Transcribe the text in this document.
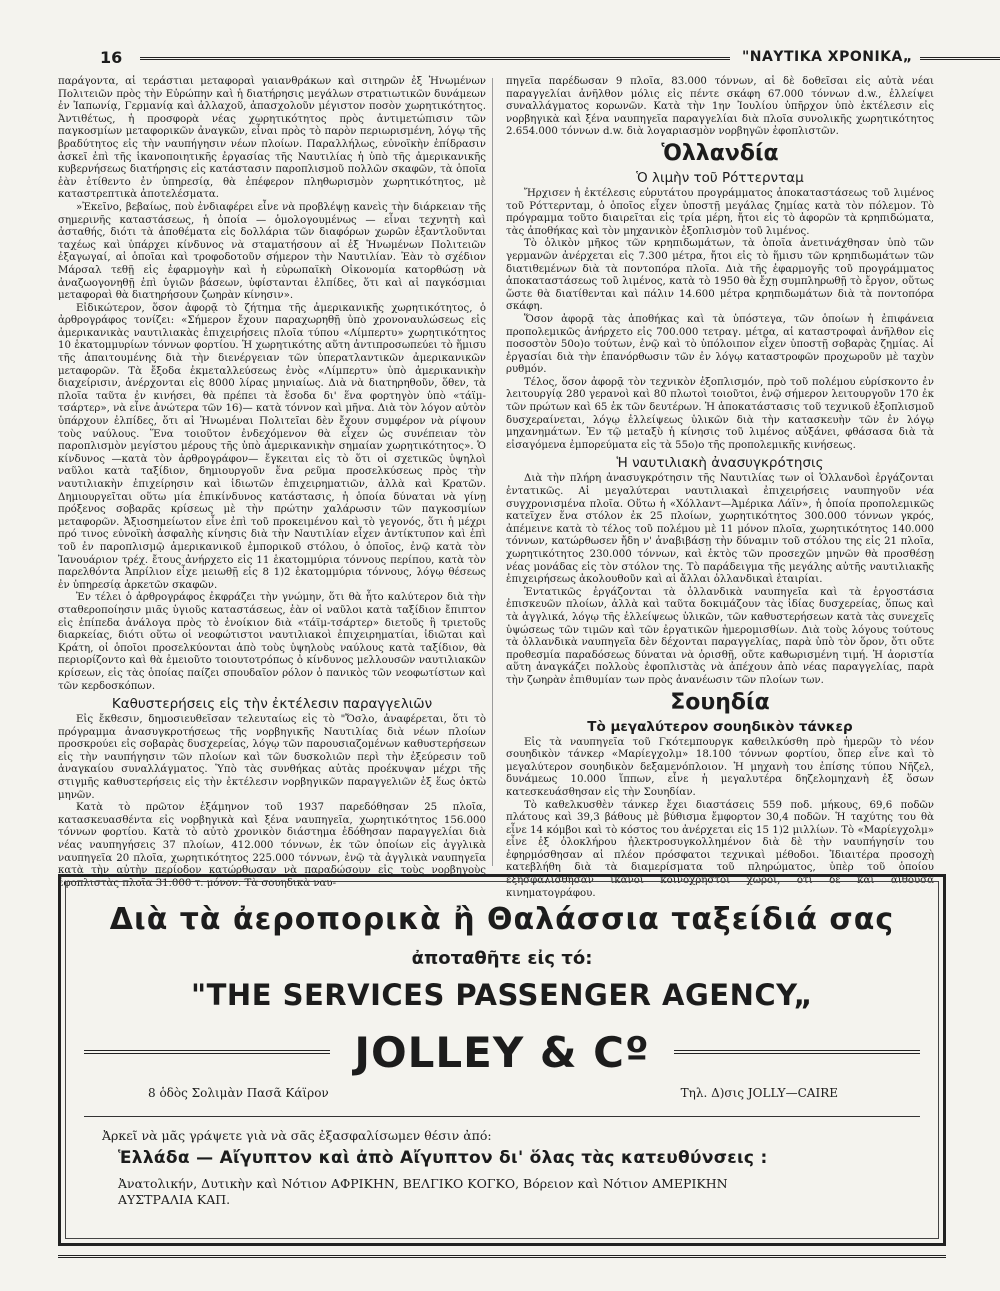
16	"ΝΑΥΤΙΚΑ ΧΡΟΝΙΚΑ„

παράγοντα, αἱ τεράστιαι μεταφοραὶ γαιανθράκων καὶ σιτηρῶν ἐξ Ἡνωμένων Πολιτειῶν πρὸς τὴν Εὐρώπην καὶ ἡ διατήρησις μεγάλων στρατιωτικῶν δυνάμεων ἐν Ἰαπωνίᾳ, Γερμανίᾳ καὶ ἀλλαχοῦ, ἀπασχολοῦν μέγιστον ποσὸν χωρητικότητος. Ἀντιθέτως, ἡ προσφορὰ νέας χωρητικότητος πρὸς ἀντιμετώπισιν τῶν παγκοσμίων μεταφορικῶν ἀναγκῶν, εἶναι πρὸς τὸ παρὸν περιωρισμένη, λόγῳ τῆς βραδύτητος εἰς τὴν ναυπήγησιν νέων πλοίων. Παραλλήλως, εὐνοϊκὴν ἐπίδρασιν ἀσκεῖ ἐπὶ τῆς ἱκανοποιητικῆς ἐργασίας τῆς Ναυτιλίας ἡ ὑπὸ τῆς ἀμερικανικῆς κυβερνήσεως διατήρησις εἰς κατάστασιν παροπλισμοῦ πολλῶν σκαφῶν, τὰ ὁποῖα ἐὰν ἐτίθεντο ἐν ὑπηρεσίᾳ, θὰ ἐπέφερον πληθωρισμὸν χωρητικότητος, μὲ καταστρεπτικὰ ἀποτελέσματα.

»Ἐκεῖνο, βεβαίως, ποὺ ἐνδιαφέρει εἶνε νὰ προβλέψῃ κανεὶς τὴν διάρκειαν τῆς σημερινῆς καταστάσεως, ἡ ὁποία — ὁμολογουμένως — εἶναι τεχνητὴ καὶ ἀσταθής, διότι τὰ ἀποθέματα εἰς δολλάρια τῶν διαφόρων χωρῶν ἐξαντλοῦνται ταχέως καὶ ὑπάρχει κίνδυνος νὰ σταματήσουν αἱ ἐξ Ἡνωμένων Πολιτειῶν ἐξαγωγαί, αἱ ὁποῖαι καὶ τροφοδοτοῦν σήμερον τὴν Ναυτιλίαν. Ἐὰν τὸ σχέδιον Μάρσαλ τεθῇ εἰς ἐφαρμογὴν καὶ ἡ εὐρωπαϊκὴ Οἰκονομία κατορθώσῃ νὰ ἀναζωογονηθῇ ἐπὶ ὑγιῶν βάσεων, ὑφίστανται ἐλπίδες, ὅτι καὶ αἱ παγκόσμιαι μεταφοραὶ θὰ διατηρήσουν ζωηρὰν κίνησιν».

Εἰδικώτερον, ὅσον ἀφορᾷ τὸ ζήτημα τῆς ἀμερικανικῆς χωρητικότητος, ὁ ἀρθρογράφος τονίζει: «Σήμερον ἔχουν παραχωρηθῇ ὑπὸ χρονοναυλώσεως εἰς ἀμερικανικὰς ναυτιλιακὰς ἐπιχειρήσεις πλοῖα τύπου «Λίμπερτυ» χωρητικότητος 10 ἑκατομμυρίων τόννων φορτίου. Ἡ χωρητικότης αὕτη ἀντιπροσωπεύει τὸ ἥμισυ τῆς ἀπαιτουμένης διὰ τὴν διενέργειαν τῶν ὑπερατλαντικῶν ἀμερικανικῶν μεταφορῶν. Τὰ ἔξοδα ἐκμεταλλεύσεως ἑνὸς «Λίμπερτυ» ὑπὸ ἀμερικανικὴν διαχείρισιν, ἀνέρχονται εἰς 8000 λίρας μηνιαίως. Διὰ νὰ διατηρηθοῦν, ὅθεν, τὰ πλοῖα ταῦτα ἐν κινήσει, θὰ πρέπει τὰ ἔσοδα δι' ἕνα φορτηγὸν ὑπὸ «τάϊμ-τσάρτερ», νὰ εἶνε ἀνώτερα τῶν 16)— κατὰ τόννον καὶ μῆνα. Διὰ τὸν λόγον αὐτὸν ὑπάρχουν ἐλπίδες, ὅτι αἱ Ἡνωμέναι Πολιτεῖαι δὲν ἔχουν συμφέρον νὰ ρίψουν τοὺς ναύλους. Ἕνα τοιοῦτον ἐνδεχόμενον θὰ εἶχεν ὡς συνέπειαν τὸν παροπλισμὸν μεγίστου μέρους τῆς ὑπὸ ἀμερικανικὴν σημαίαν χωρητικότητος». Ὁ κίνδυνος —κατὰ τὸν ἀρθρογράφον— ἔγκειται εἰς τὸ ὅτι οἱ σχετικῶς ὑψηλοὶ ναῦλοι κατὰ ταξίδιον, δημιουργοῦν ἕνα ρεῦμα προσελκύσεως πρὸς τὴν ναυτιλιακὴν ἐπιχείρησιν καὶ ἰδιωτῶν ἐπιχειρηματιῶν, ἀλλὰ καὶ Κρατῶν. Δημιουργεῖται οὕτω μία ἐπικίνδυνος κατάστασις, ἡ ὁποία δύναται νὰ γίνῃ πρόξενος σοβαρᾶς κρίσεως μὲ τὴν πρώτην χαλάρωσιν τῶν παγκοσμίων μεταφορῶν. Ἀξιοσημείωτον εἶνε ἐπὶ τοῦ προκειμένου καὶ τὸ γεγονός, ὅτι ἡ μέχρι πρό τινος εὐνοϊκὴ ἀσφαλὴς κίνησις διὰ τὴν Ναυτιλίαν εἶχεν ἀντίκτυπον καὶ ἐπὶ τοῦ ἐν παροπλισμῷ ἀμερικανικοῦ ἐμπορικοῦ στόλου, ὁ ὁποῖος, ἐνῷ κατὰ τὸν Ἰανουάριον τρέχ. ἔτους ἀνήρχετο εἰς 11 ἑκατομμύρια τόννους περίπου, κατὰ τὸν παρελθόντα Ἀπρίλιον εἶχε μειωθῇ εἰς 8 1)2 ἑκατομμύρια τόννους, λόγῳ θέσεως ἐν ὑπηρεσίᾳ ἀρκετῶν σκαφῶν.

Ἐν τέλει ὁ ἀρθρογράφος ἐκφράζει τὴν γνώμην, ὅτι θὰ ἦτο καλύτερον διὰ τὴν σταθεροποίησιν μιᾶς ὑγιοῦς καταστάσεως, ἐὰν οἱ ναῦλοι κατὰ ταξίδιον ἔπιπτον εἰς ἐπίπεδα ἀνάλογα πρὸς τὸ ἐνοίκιον διὰ «τάϊμ-τσάρτερ» διετοῦς ἢ τριετοῦς διαρκείας, διότι οὕτω οἱ νεοφώτιστοι ναυτιλιακοὶ ἐπιχειρηματίαι, ἰδιῶται καὶ Κράτη, οἱ ὁποῖοι προσελκύονται ἀπὸ τοὺς ὑψηλοὺς ναύλους κατὰ ταξίδιον, θὰ περιορίζοντο καὶ θὰ ἐμειοῦτο τοιουτοτρόπως ὁ κίνδυνος μελλουσῶν ναυτιλιακῶν κρίσεων, εἰς τὰς ὁποίας παίζει σπουδαῖον ρόλον ὁ πανικὸς τῶν νεοφωτίστων καὶ τῶν κερδοσκόπων.

Καθυστερήσεις εἰς τὴν ἐκτέλεσιν παραγγελιῶν

Εἰς ἔκθεσιν, δημοσιευθεῖσαν τελευταίως εἰς τὸ "Ὄσλο, ἀναφέρεται, ὅτι τὸ πρόγραμμα ἀνασυγκροτήσεως τῆς νορβηγικῆς Ναυτιλίας διὰ νέων πλοίων προσκρούει εἰς σοβαρὰς δυσχερείας, λόγῳ τῶν παρουσιαζομένων καθυστερήσεων εἰς τὴν ναυπήγησιν τῶν πλοίων καὶ τῶν δυσκολιῶν περὶ τὴν ἐξεύρεσιν τοῦ ἀναγκαίου συναλλάγματος. Ὑπὸ τὰς συνθήκας αὐτὰς προέκυψαν μέχρι τῆς στιγμῆς καθυστερήσεις εἰς τὴν ἐκτέλεσιν νορβηγικῶν παραγγελιῶν ἐξ ἕως ὀκτὼ μηνῶν.

Κατὰ τὸ πρῶτον ἑξάμηνον τοῦ 1937 παρεδόθησαν 25 πλοῖα, κατασκευασθέντα εἰς νορβηγικὰ καὶ ξένα ναυπηγεῖα, χωρητικότητος 156.000 τόννων φορτίου. Κατὰ τὸ αὐτὸ χρονικὸν διάστημα ἐδόθησαν παραγγελίαι διὰ νέας ναυπηγήσεις 37 πλοίων, 412.000 τόννων, ἐκ τῶν ὁποίων εἰς ἀγγλικὰ ναυπηγεῖα 20 πλοῖα, χωρητικότητος 225.000 τόννων, ἐνῷ τὰ ἀγγλικὰ ναυπηγεῖα κατὰ τὴν αὐτὴν περίοδον κατώρθωσαν νὰ παραδώσουν εἰς τοὺς νορβηγοὺς ἐφοπλιστὰς πλοῖα 31.000 τ. μόνον. Τὰ σουηδικὰ ναυ-

πηγεῖα παρέδωσαν 9 πλοῖα, 83.000 τόννων, αἱ δὲ δοθεῖσαι εἰς αὐτὰ νέαι παραγγελίαι ἀνῆλθον μόλις εἰς πέντε σκάφη 67.000 τόννων d.w., ἐλλείψει συναλλάγματος κορωνῶν. Κατὰ τὴν 1ην Ἰουλίου ὑπῆρχον ὑπὸ ἐκτέλεσιν εἰς νορβηγικὰ καὶ ξένα ναυπηγεῖα παραγγελίαι διὰ πλοῖα συνολικῆς χωρητικότητος 2.654.000 τόννων d.w. διὰ λογαριασμὸν νορβηγῶν ἐφοπλιστῶν.

Ὁλλανδία
Ὁ λιμὴν τοῦ Ρόττερνταμ

Ἤρχισεν ἡ ἐκτέλεσις εὐρυτάτου προγράμματος ἀποκαταστάσεως τοῦ λιμένος τοῦ Ρόττερνταμ, ὁ ὁποῖος εἶχεν ὑποστῇ μεγάλας ζημίας κατὰ τὸν πόλεμον. Τὸ πρόγραμμα τοῦτο διαιρεῖται εἰς τρία μέρη, ἤτοι εἰς τὸ ἀφορῶν τὰ κρηπιδώματα, τὰς ἀποθήκας καὶ τὸν μηχανικὸν ἐξοπλισμὸν τοῦ λιμένος.

Τὸ ὁλικὸν μῆκος τῶν κρηπιδωμάτων, τὰ ὁποῖα ἀνετινάχθησαν ὑπὸ τῶν γερμανῶν ἀνέρχεται εἰς 7.300 μέτρα, ἤτοι εἰς τὸ ἥμισυ τῶν κρηπιδωμάτων τῶν διατιθεμένων διὰ τὰ ποντοπόρα πλοῖα. Διὰ τῆς ἐφαρμογῆς τοῦ προγράμματος ἀποκαταστάσεως τοῦ λιμένος, κατὰ τὸ 1950 θὰ ἔχῃ συμπληρωθῇ τὸ ἔργον, οὕτως ὥστε θὰ διατίθενται καὶ πάλιν 14.600 μέτρα κρηπιδωμάτων διὰ τὰ ποντοπόρα σκάφη.

Ὅσον ἀφορᾷ τὰς ἀποθήκας καὶ τὰ ὑπόστεγα, τῶν ὁποίων ἡ ἐπιφάνεια προπολεμικῶς ἀνήρχετο εἰς 700.000 τετραγ. μέτρα, αἱ καταστροφαὶ ἀνῆλθον εἰς ποσοστὸν 50ο)ο τούτων, ἐνῷ καὶ τὸ ὑπόλοιπον εἶχεν ὑποστῇ σοβαρὰς ζημίας. Αἱ ἐργασίαι διὰ τὴν ἐπανόρθωσιν τῶν ἐν λόγῳ καταστροφῶν προχωροῦν μὲ ταχὺν ρυθμόν.

Τέλος, ὅσον ἀφορᾷ τὸν τεχνικὸν ἐξοπλισμόν, πρὸ τοῦ πολέμου εὑρίσκοντο ἐν λειτουργίᾳ 280 γερανοὶ καὶ 80 πλωτοὶ τοιοῦτοι, ἐνῷ σήμερον λειτουργοῦν 170 ἐκ τῶν πρώτων καὶ 65 ἐκ τῶν δευτέρων. Ἡ ἀποκατάστασις τοῦ τεχνικοῦ ἐξοπλισμοῦ δυσχεραίνεται, λόγῳ ἐλλείψεως ὑλικῶν διὰ τὴν κατασκευὴν τῶν ἐν λόγῳ μηχανημάτων. Ἐν τῷ μεταξὺ ἡ κίνησις τοῦ λιμένος αὐξάνει, φθάσασα διὰ τὰ εἰσαγόμενα ἐμπορεύματα εἰς τὰ 55ο)ο τῆς προπολεμικῆς κινήσεως.

Ἡ ναυτιλιακὴ ἀνασυγκρότησις

Διὰ τὴν πλήρη ἀνασυγκρότησιν τῆς Ναυτιλίας των οἱ Ὁλλανδοὶ ἐργάζονται ἐντατικῶς. Αἱ μεγαλύτεραι ναυτιλιακαὶ ἐπιχειρήσεις ναυπηγοῦν νέα συγχρονισμένα πλοῖα. Οὕτω ἡ «Χόλλαντ—Ἀμέρικα Λάϊν», ἡ ὁποία προπολεμικῶς κατεῖχεν ἕνα στόλον ἐκ 25 πλοίων, χωρητικότητος 300.000 τόννων γκρός, ἀπέμεινε κατὰ τὸ τέλος τοῦ πολέμου μὲ 11 μόνον πλοῖα, χωρητικότητος 140.000 τόννων, κατώρθωσεν ἤδη ν' ἀναβιβάσῃ τὴν δύναμιν τοῦ στόλου της εἰς 21 πλοῖα, χωρητικότητος 230.000 τόννων, καὶ ἐκτὸς τῶν προσεχῶν μηνῶν θὰ προσθέσῃ νέας μονάδας εἰς τὸν στόλον της. Τὸ παράδειγμα τῆς μεγάλης αὐτῆς ναυτιλιακῆς ἐπιχειρήσεως ἀκολουθοῦν καὶ αἱ ἄλλαι ὁλλανδικαὶ ἑταιρίαι.

Ἐντατικῶς ἐργάζονται τὰ ὁλλανδικὰ ναυπηγεῖα καὶ τὰ ἐργοστάσια ἐπισκευῶν πλοίων, ἀλλὰ καὶ ταῦτα δοκιμάζουν τὰς ἰδίας δυσχερείας, ὅπως καὶ τὰ ἀγγλικά, λόγῳ τῆς ἐλλείψεως ὑλικῶν, τῶν καθυστερήσεων κατὰ τὰς συνεχεῖς ὑψώσεως τῶν τιμῶν καὶ τῶν ἐργατικῶν ἡμερομισθίων. Διὰ τοὺς λόγους τούτους τὰ ὁλλανδικὰ ναυπηγεῖα δὲν δέχονται παραγγελίας, παρὰ ὑπὸ τὸν ὅρον, ὅτι οὔτε προθεσμία παραδόσεως δύναται νὰ ὁρισθῇ, οὔτε καθωρισμένη τιμή. Ἡ ἀοριστία αὕτη ἀναγκάζει πολλοὺς ἐφοπλιστὰς νὰ ἀπέχουν ἀπὸ νέας παραγγελίας, παρὰ τὴν ζωηρὰν ἐπιθυμίαν των πρὸς ἀνανέωσιν τῶν πλοίων των.

Σουηδία
Τὸ μεγαλύτερον σουηδικὸν τάνκερ

Εἰς τὰ ναυπηγεῖα τοῦ Γκότεμπουργκ καθειλκύσθη πρὸ ἡμερῶν τὸ νέον σουηδικὸν τάνκερ «Μαρίεγχολμ» 18.100 τόννων φορτίου, ὅπερ εἶνε καὶ τὸ μεγαλύτερον σουηδικὸν δεξαμενόπλοιον. Ἡ μηχανὴ του ἐπίσης τύπου Νῆζελ, δυνάμεως 10.000 ἵππων, εἶνε ἡ μεγαλυτέρα δηζελομηχανὴ ἐξ ὅσων κατεσκευάσθησαν εἰς τὴν Σουηδίαν.

Τὸ καθελκυσθὲν τάνκερ ἔχει διαστάσεις 559 ποδ. μήκους, 69,6 ποδῶν πλάτους καὶ 39,3 βάθους μὲ βύθισμα ἔμφορτον 30,4 ποδῶν. Ἡ ταχύτης του θὰ εἶνε 14 κόμβοι καὶ τὸ κόστος του ἀνέρχεται εἰς 15 1)2 μιλλίων. Τὸ «Μαρίεγχολμ» εἶνε ἐξ ὁλοκλήρου ἠλεκτροσυγκολλημένον διὰ δὲ τὴν ναυπήγησίν του ἐφηρμόσθησαν αἱ πλέον πρόσφατοι τεχνικαὶ μέθοδοι. Ἰδιαιτέρα προσοχὴ κατεβλήθη διὰ τὰ διαμερίσματα τοῦ πληρώματος, ὑπὲρ τοῦ ὁποίου ἐξησφαλίσθησαν ἱκανοὶ κοινόχρηστοι χῶροι, ὅτι δὲ καὶ αἴθουσα κινηματογράφου.

Διὰ τὰ ἀεροπορικὰ ἢ Θαλάσσια ταξείδιά σας
ἀποταθῆτε εἰς τό:
"THE SERVICES PASSENGER AGENCY„
JOLLEY & Cº
8 ὁδὸς Σολιμὰν Πασᾶ Κάϊρον	Τηλ. Δ)σις JOLLY—CAIRE
Ἀρκεῖ νὰ μᾶς γράψετε γιὰ νὰ σᾶς ἐξασφαλίσωμεν θέσιν ἀπό:
Ἑλλάδα — Αἴγυπτον καὶ ἀπὸ Αἴγυπτον δι' ὅλας τὰς κατευθύνσεις :
Ἀνατολικήν, Δυτικὴν καὶ Νότιον ΑΦΡΙΚΗΝ, ΒΕΛΓΙΚΟ ΚΟΓΚΟ, Βόρειον καὶ Νότιον ΑΜΕΡΙΚΗΝ
ΑΥΣΤΡΑΛΙΑ ΚΑΠ.
